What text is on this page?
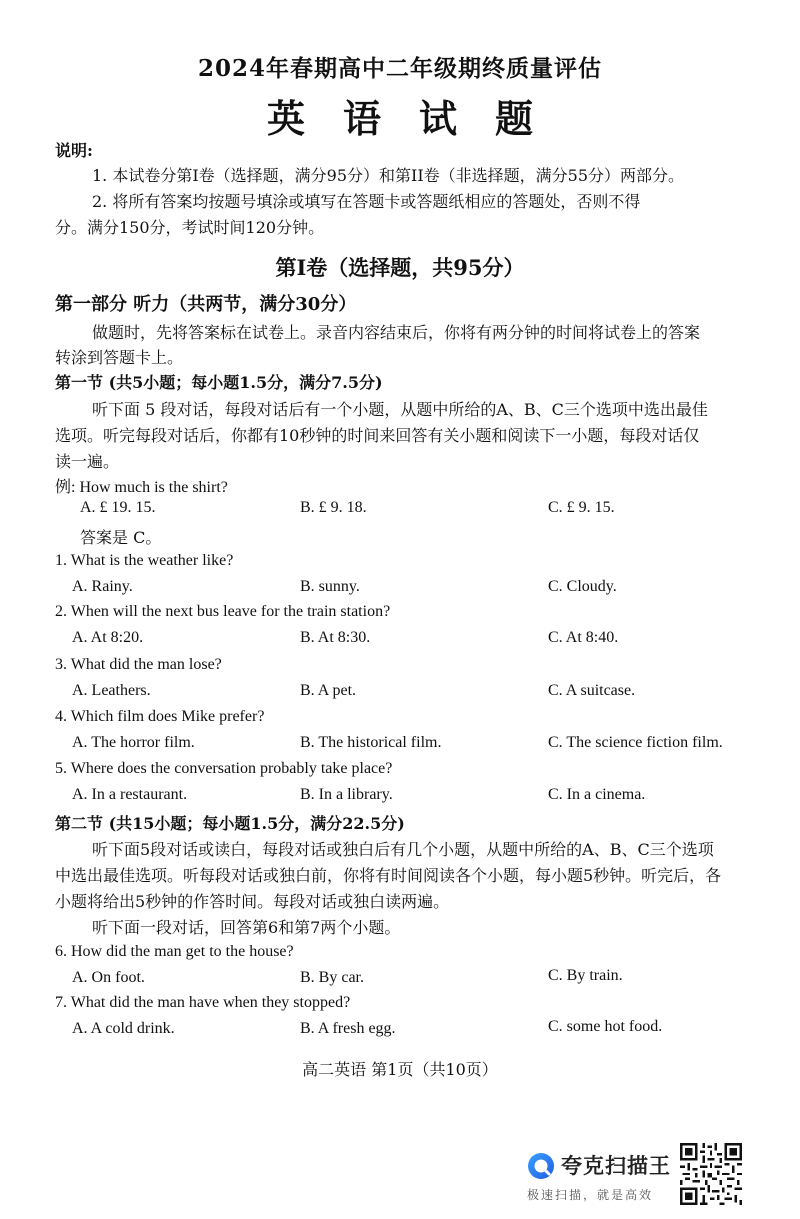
2024年春期高中二年级期终质量评估
英语试题
说明:
1. 本试卷分第I卷（选择题，满分95分）和第II卷（非选择题，满分55分）两部分。
2. 将所有答案均按题号填涂或填写在答题卡或答题纸相应的答题处，否则不得
分。满分150分，考试时间120分钟。
第I卷（选择题，共95分）
第一部分 听力（共两节，满分30分）
做题时，先将答案标在试卷上。录音内容结束后，你将有两分钟的时间将试卷上的答案
转涂到答题卡上。
第一节 (共5小题；每小题1.5分，满分7.5分)
听下面 5 段对话，每段对话后有一个小题，从题中所给的A、B、C三个选项中选出最佳
选项。听完每段对话后，你都有10秒钟的时间来回答有关小题和阅读下一小题，每段对话仅
读一遍。
例: How much is the shirt?
A. £ 19. 15.	B. £ 9. 18.	C. £ 9. 15.
答案是 C。
1. What is the weather like?
A. Rainy.	B. sunny.	C. Cloudy.
2. When will the next bus leave for the train station?
A. At 8:20.	B. At 8:30.	C. At 8:40.
3. What did the man lose?
A. Leathers.	B. A pet.	C. A suitcase.
4. Which film does Mike prefer?
A. The horror film.	B. The historical film.	C. The science fiction film.
5. Where does the conversation probably take place?
A. In a restaurant.	B. In a library.	C. In a cinema.
第二节 (共15小题；每小题1.5分，满分22.5分)
听下面5段对话或读白，每段对话或独白后有几个小题，从题中所给的A、B、C三个选项
中选出最佳选项。听每段对话或独白前，你将有时间阅读各个小题，每小题5秒钟。听完后，各
小题将给出5秒钟的作答时间。每段对话或独白读两遍。
听下面一段对话，回答第6和第7两个小题。
6. How did the man get to the house?
A. On foot.	B. By car.	C. By train.
7. What did the man have when they stopped?
A. A cold drink.	B. A fresh egg.	C. some hot food.
高二英语 第1页（共10页）
夸克扫描王
极速扫描，就是高效
